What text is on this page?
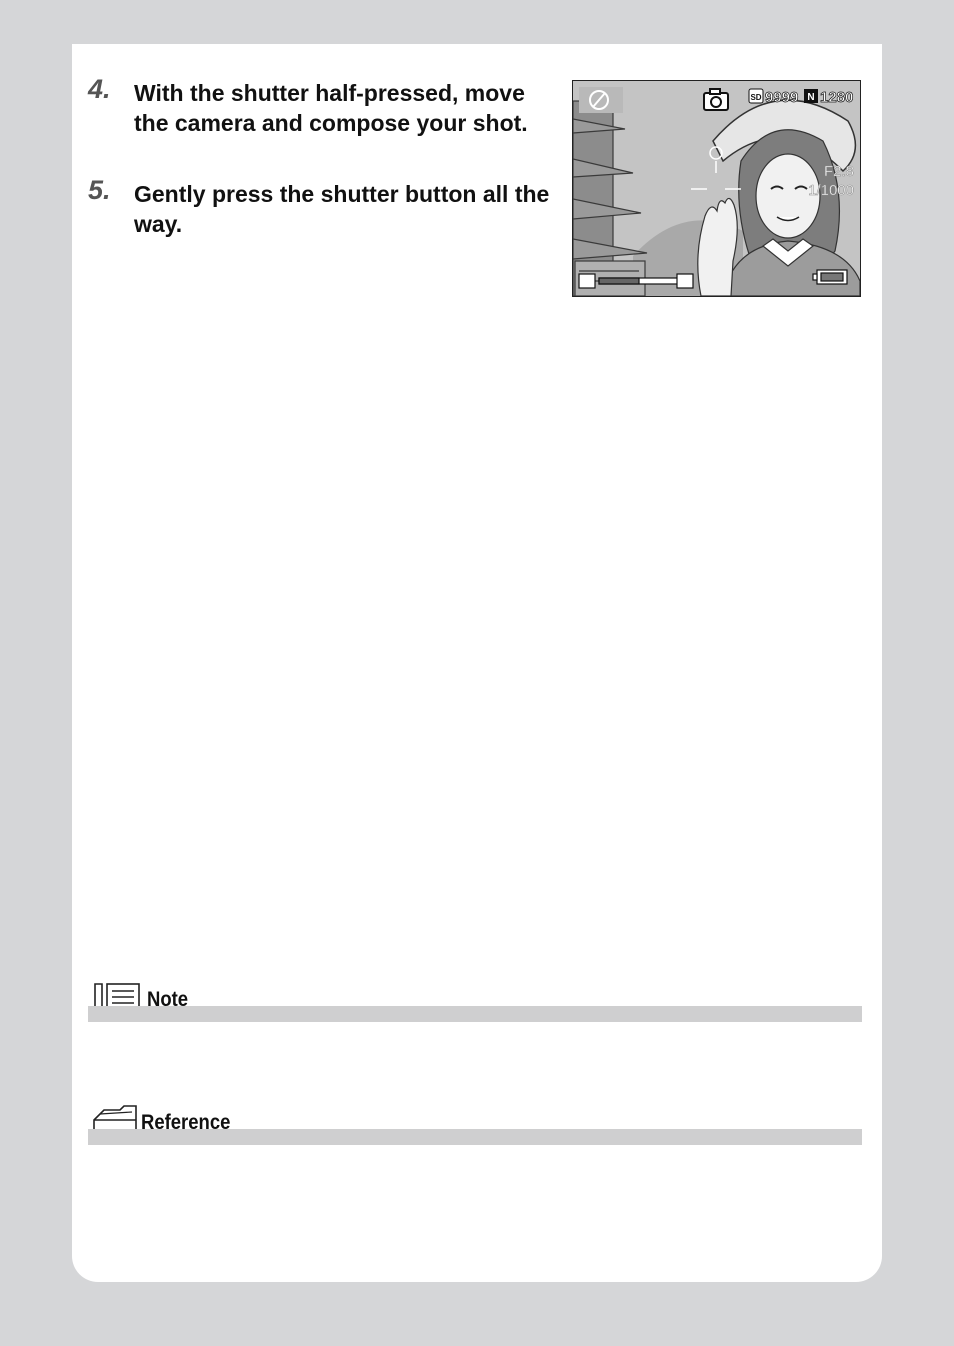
4. With the shutter half-pressed, move the camera and compose your shot.
5. Gently press the shutter button all the way.
SD 9999 N 1280
F2.8
1/1000
Note
Reference
